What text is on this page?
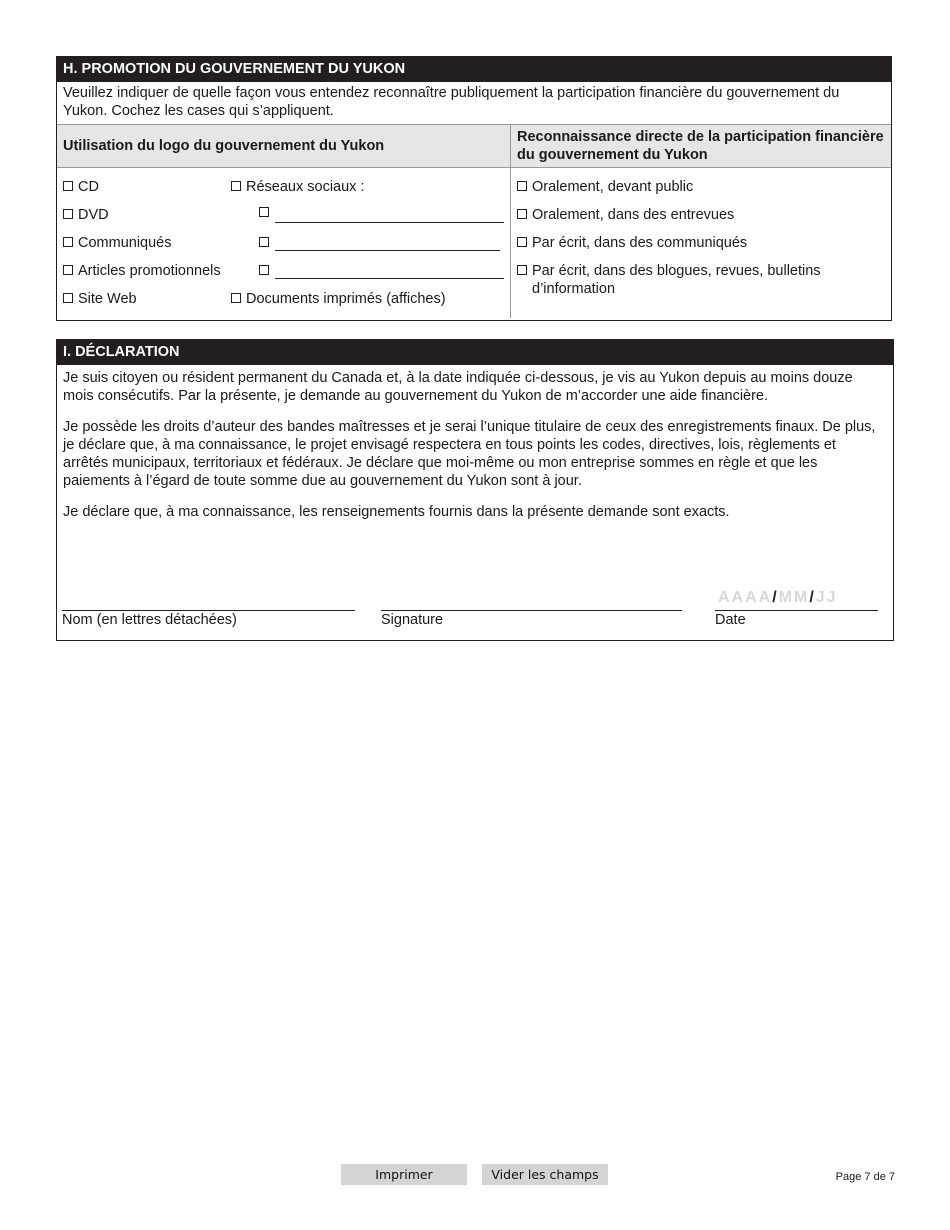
H. PROMOTION DU GOUVERNEMENT DU YUKON
Veuillez indiquer de quelle façon vous entendez reconnaître publiquement la participation financière du gouvernement du Yukon. Cochez les cases qui s’appliquent.
Utilisation du logo du gouvernement du Yukon
Reconnaissance directe de la participation financière du gouvernement du Yukon
CD
DVD
Communiqués
Articles promotionnels
Site Web
Réseaux sociaux :
Documents imprimés (affiches)
Oralement, devant public
Oralement, dans des entrevues
Par écrit, dans des communiqués
Par écrit, dans des blogues, revues, bulletins d’information
I. DÉCLARATION

Je suis citoyen ou résident permanent du Canada et, à la date indiquée ci-dessous, je vis au Yukon depuis au moins douze mois consécutifs. Par la présente, je demande au gouvernement du Yukon de m’accorder une aide financière.

Je possède les droits d’auteur des bandes maîtresses et je serai l’unique titulaire de ceux des enregistrements finaux. De plus, je déclare que, à ma connaissance, le projet envisagé respectera en tous points les codes, directives, lois, règlements et arrêtés municipaux, territoriaux et fédéraux. Je déclare que moi-même ou mon entreprise sommes en règle et que les paiements à l’égard de toute somme due au gouvernement du Yukon sont à jour.

Je déclare que, à ma connaissance, les renseignements fournis dans la présente demande sont exacts.

Nom (en lettres détachées)	Signature
AAAA/MM/JJ
Date
Imprimer	Vider les champs	Page 7 de 7
